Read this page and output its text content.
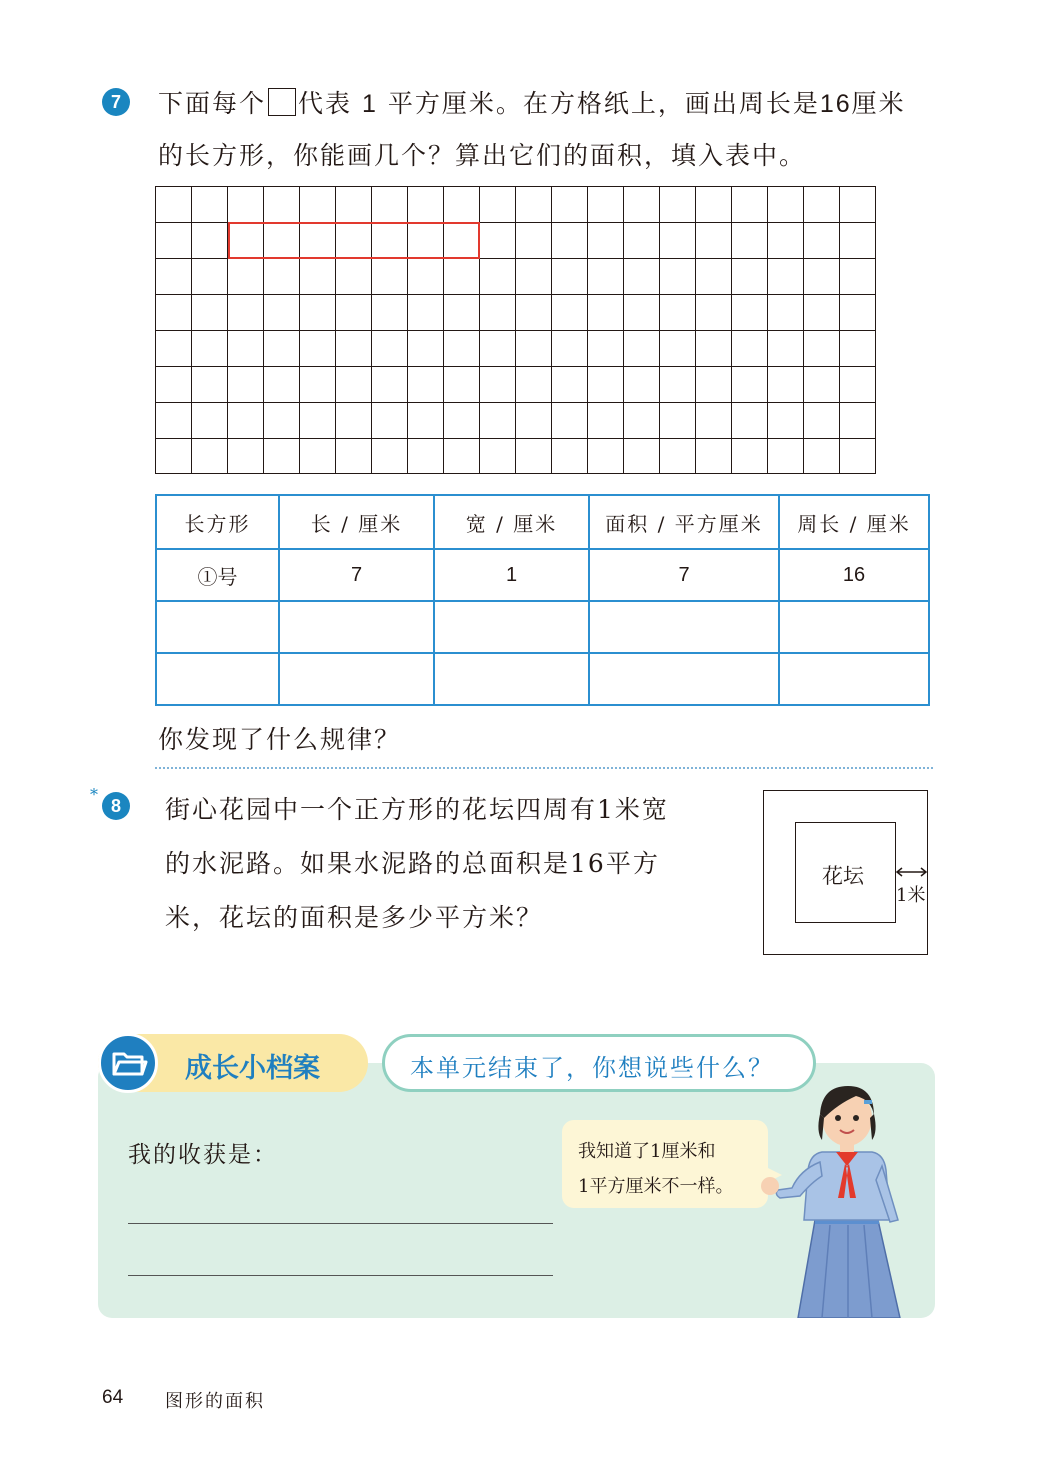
7	下面每个 代表 1 平方厘米。在方格纸上，画出周长是16厘米
的长方形，你能画几个？算出它们的面积，填入表中。
长方形	长 / 厘米	宽 / 厘米	面积 / 平方厘米	周长 / 厘米
①号	7	1	7	16

你发现了什么规律？
*
8	街心花园中一个正方形的花坛四周有1米宽
的水泥路。如果水泥路的总面积是16平方
米，花坛的面积是多少平方米？
花坛
1米
成长小档案	本单元结束了，你想说些什么？
我的收获是：	我知道了1厘米和
1平方厘米不一样。
64 图形的面积
